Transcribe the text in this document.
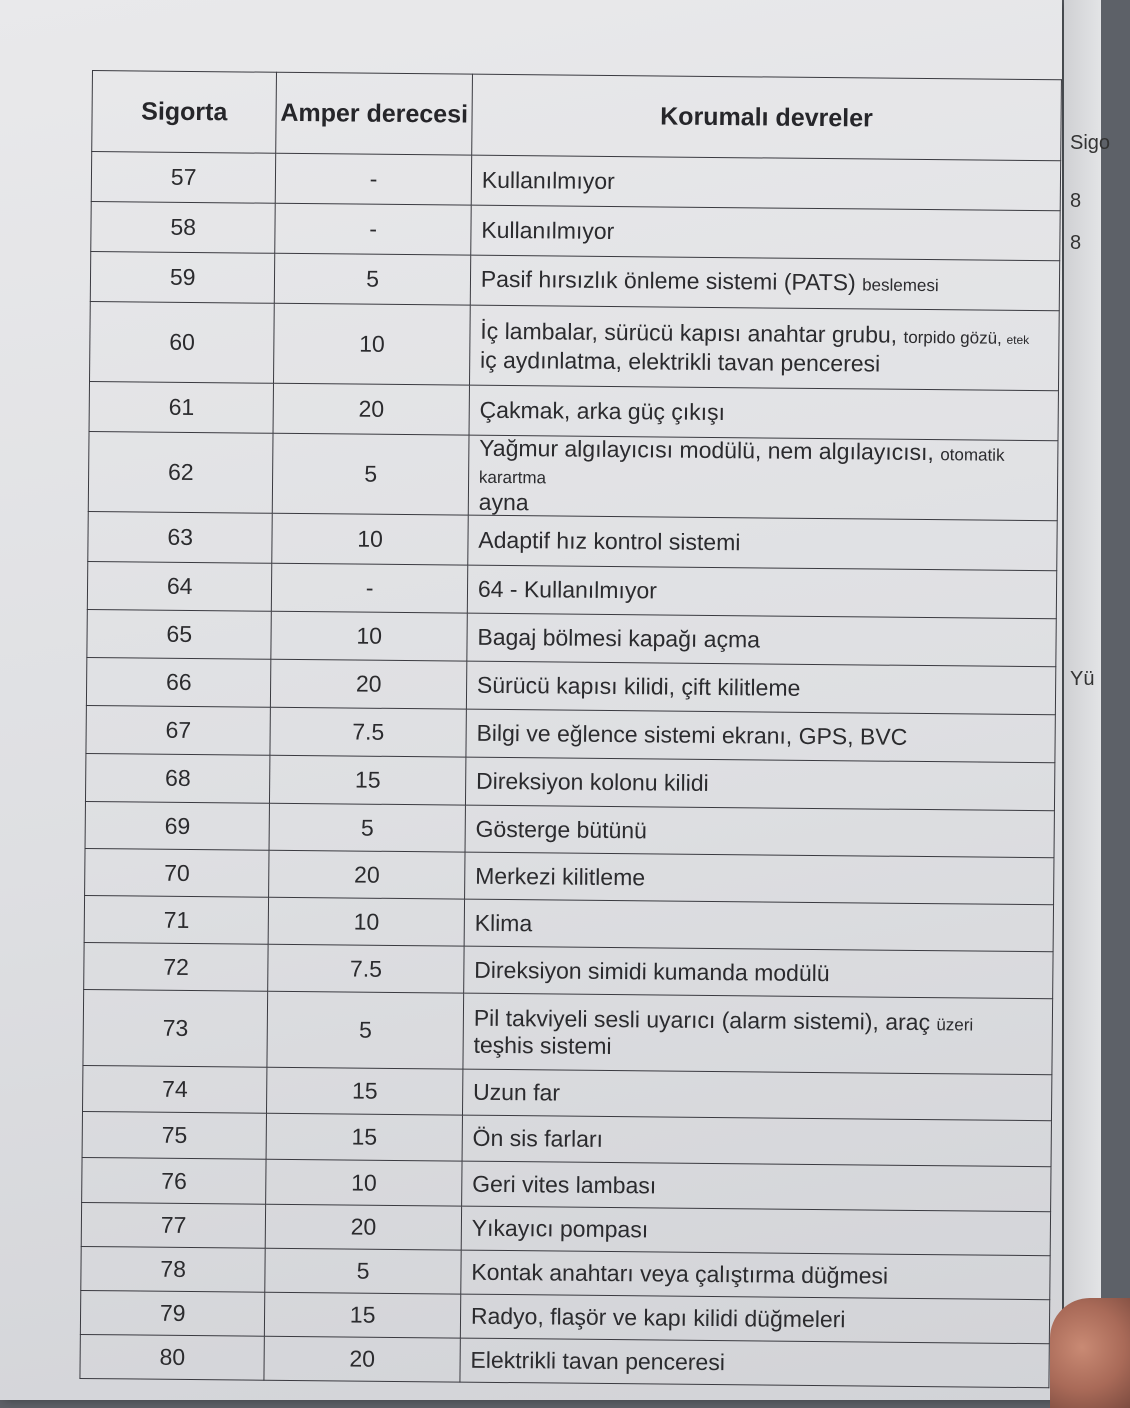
Sigorta	Amper derecesi	Korumalı devreler
57	-	Kullanılmıyor
58	-	Kullanılmıyor
59	5	Pasif hırsızlık önleme sistemi (PATS) beslemesi
60	10	İç lambalar, sürücü kapısı anahtar grubu, torpido gözü, etek
iç aydınlatma, elektrikli tavan penceresi
61	20	Çakmak, arka güç çıkışı
62	5	Yağmur algılayıcısı modülü, nem algılayıcısı, otomatik karartma
ayna
63	10	Adaptif hız kontrol sistemi
64	-	64 - Kullanılmıyor
65	10	Bagaj bölmesi kapağı açma
66	20	Sürücü kapısı kilidi, çift kilitleme
67	7.5	Bilgi ve eğlence sistemi ekranı, GPS, BVC
68	15	Direksiyon kolonu kilidi
69	5	Gösterge bütünü
70	20	Merkezi kilitleme
71	10	Klima
72	7.5	Direksiyon simidi kumanda modülü
73	5	Pil takviyeli sesli uyarıcı (alarm sistemi), araç üzeri
teşhis sistemi
74	15	Uzun far
75	15	Ön sis farları
76	10	Geri vites lambası
77	20	Yıkayıcı pompası
78	5	Kontak anahtarı veya çalıştırma düğmesi
79	15	Radyo, flaşör ve kapı kilidi düğmeleri
80	20	Elektrikli tavan penceresi
Sigo
8
8
Yü
